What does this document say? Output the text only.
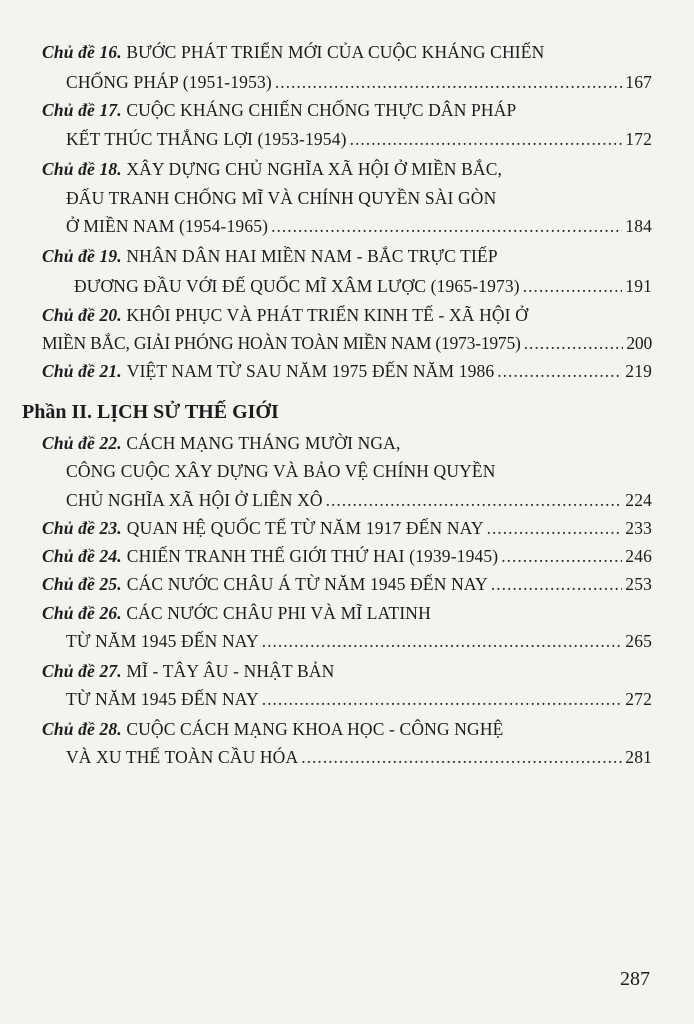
Chủ đề 16. BƯỚC PHÁT TRIỂN MỚI CỦA CUỘC KHÁNG CHIẾN
CHỐNG PHÁP (1951-1953) .....	167
Chủ đề 17. CUỘC KHÁNG CHIẾN CHỐNG THỰC DÂN PHÁP
KẾT THÚC THẮNG LỢI (1953-1954) .....	172
Chủ đề 18. XÂY DỰNG CHỦ NGHĨA XÃ HỘI Ở MIỀN BẮC,
ĐẤU TRANH CHỐNG MĨ VÀ CHÍNH QUYỀN SÀI GÒN
Ở MIỀN NAM (1954-1965) .....	184
Chủ đề 19. NHÂN DÂN HAI MIỀN NAM - BẮC TRỰC TIẾP
ĐƯƠNG ĐẦU VỚI ĐẾ QUỐC MĨ XÂM LƯỢC (1965-1973) .....	191
Chủ đề 20. KHÔI PHỤC VÀ PHÁT TRIỂN KINH TẾ - XÃ HỘI Ở
MIỀN BẮC, GIẢI PHÓNG HOÀN TOÀN MIỀN NAM (1973-1975) .....	200
Chủ đề 21. VIỆT NAM TỪ SAU NĂM 1975 ĐẾN NĂM 1986 .....	219
Phần II. LỊCH SỬ THẾ GIỚI
Chủ đề 22. CÁCH MẠNG THÁNG MƯỜI NGA,
CÔNG CUỘC XÂY DỰNG VÀ BẢO VỆ CHÍNH QUYỀN
CHỦ NGHĨA XÃ HỘI Ở LIÊN XÔ .....	224
Chủ đề 23. QUAN HỆ QUỐC TẾ TỪ NĂM 1917 ĐẾN NAY .....	233
Chủ đề 24. CHIẾN TRANH THẾ GIỚI THỨ HAI (1939-1945) .....	246
Chủ đề 25. CÁC NƯỚC CHÂU Á TỪ NĂM 1945 ĐẾN NAY .....	253
Chủ đề 26. CÁC NƯỚC CHÂU PHI VÀ MĨ LATINH
TỪ NĂM 1945 ĐẾN NAY .....	265
Chủ đề 27. MĨ - TÂY ÂU - NHẬT BẢN
TỪ NĂM 1945 ĐẾN NAY .....	272
Chủ đề 28. CUỘC CÁCH MẠNG KHOA HỌC - CÔNG NGHỆ
VÀ XU THẾ TOÀN CẦU HÓA .....	281
287
